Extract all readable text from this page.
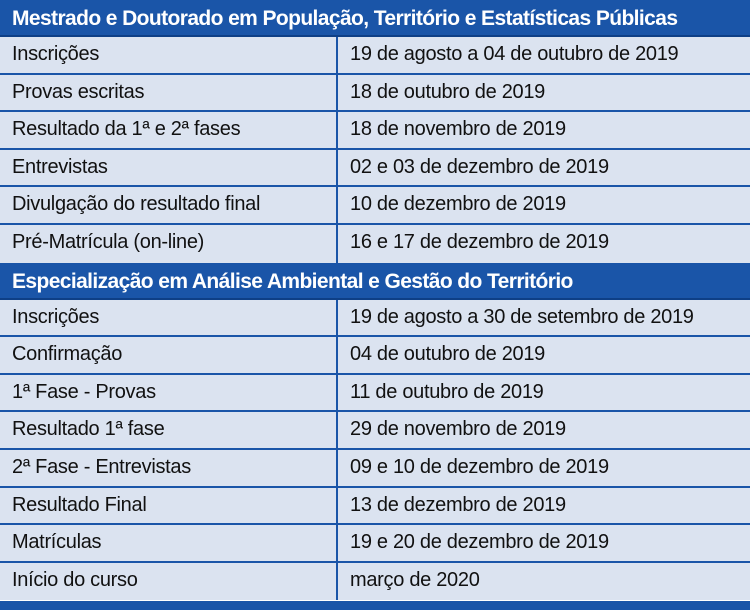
Mestrado e Doutorado em População, Território e Estatísticas Públicas
Inscrições	19 de agosto a 04 de outubro de 2019
Provas escritas	18 de outubro de 2019
Resultado da 1ª e 2ª fases	18 de novembro de 2019
Entrevistas	02 e 03 de dezembro de 2019
Divulgação do resultado final	10 de dezembro de 2019
Pré-Matrícula (on-line)	16 e 17 de dezembro de 2019
Especialização em Análise Ambiental e Gestão do Território
Inscrições	19 de agosto a 30 de setembro de 2019
Confirmação	04 de outubro de 2019
1ª Fase - Provas	11 de outubro de 2019
Resultado 1ª fase	29 de novembro de 2019
2ª Fase - Entrevistas	09 e 10 de dezembro de 2019
Resultado Final	13 de dezembro de 2019
Matrículas	19 e 20 de dezembro de 2019
Início do curso	março de 2020
